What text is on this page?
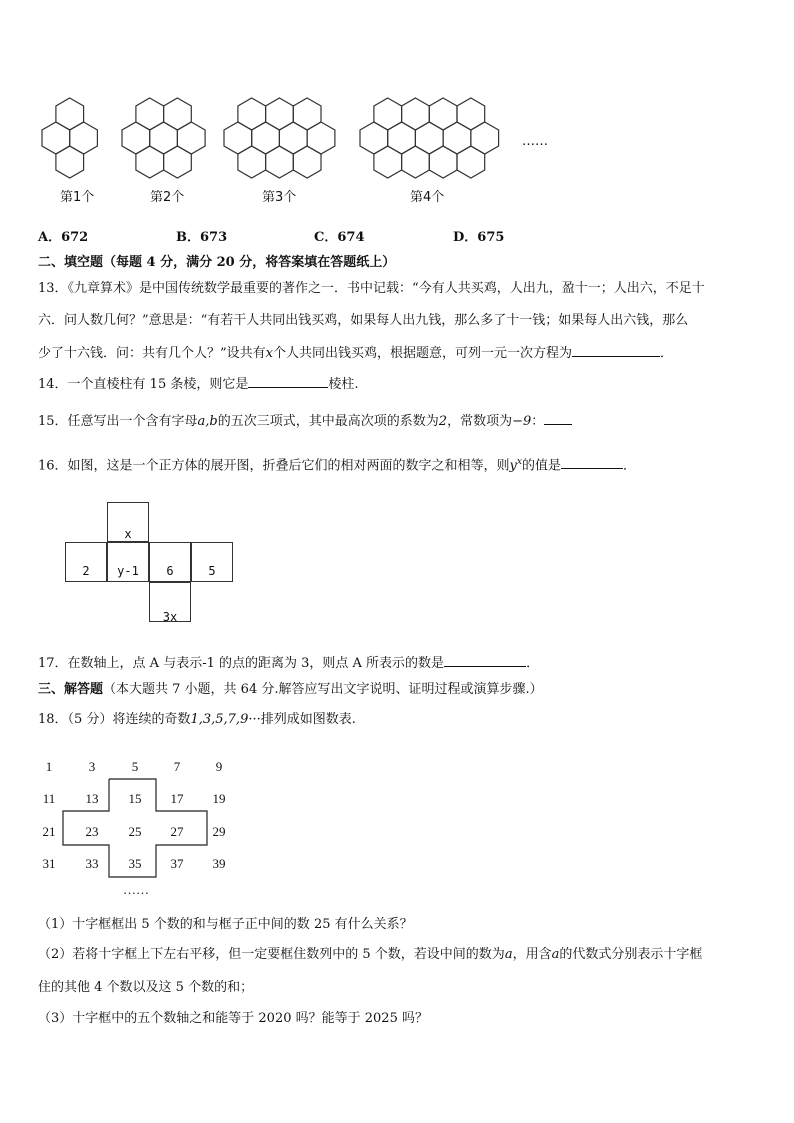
第1个	第2个	第3个	第4个
……
A．672	B．673	C．674	D．675
二、填空题（每题 4 分，满分 20 分，将答案填在答题纸上）
13．《九章算术》是中国传统数学最重要的著作之一．书中记载：“今有人共买鸡，人出九，盈十一；人出六，不足十
六．问人数几何？”意思是：“有若干人共同出钱买鸡，如果每人出九钱，那么多了十一钱；如果每人出六钱，那么
少了十六钱．问：共有几个人？”设共有x个人共同出钱买鸡，根据题意，可列一元一次方程为	．
14．一个直棱柱有 15 条棱，则它是	棱柱.
15．任意写出一个含有字母a,b的五次三项式，其中最高次项的系数为2，常数项为−9：
16．如图，这是一个正方体的展开图，折叠后它们的相对两面的数字之和相等，则$y^x$的值是	．
x
2	y-1	6	5
3x
17．在数轴上，点 A 与表示-1 的点的距离为 3，则点 A 所表示的数是	．
三、解答题（本大题共 7 小题，共 64 分.解答应写出文字说明、证明过程或演算步骤.）
18．（5 分）将连续的奇数1,3,5,7,9···排列成如图数表.
1	3	5	7	9
11	13	15	17	19
21	23	25	27	29
31	33	35	37	39
……
（1）十字框框出 5 个数的和与框子正中间的数 25 有什么关系？
（2）若将十字框上下左右平移，但一定要框住数列中的 5 个数，若设中间的数为a，用含a的代数式分别表示十字框
住的其他 4 个数以及这 5 个数的和；
（3）十字框中的五个数轴之和能等于 2020 吗？能等于 2025 吗？
